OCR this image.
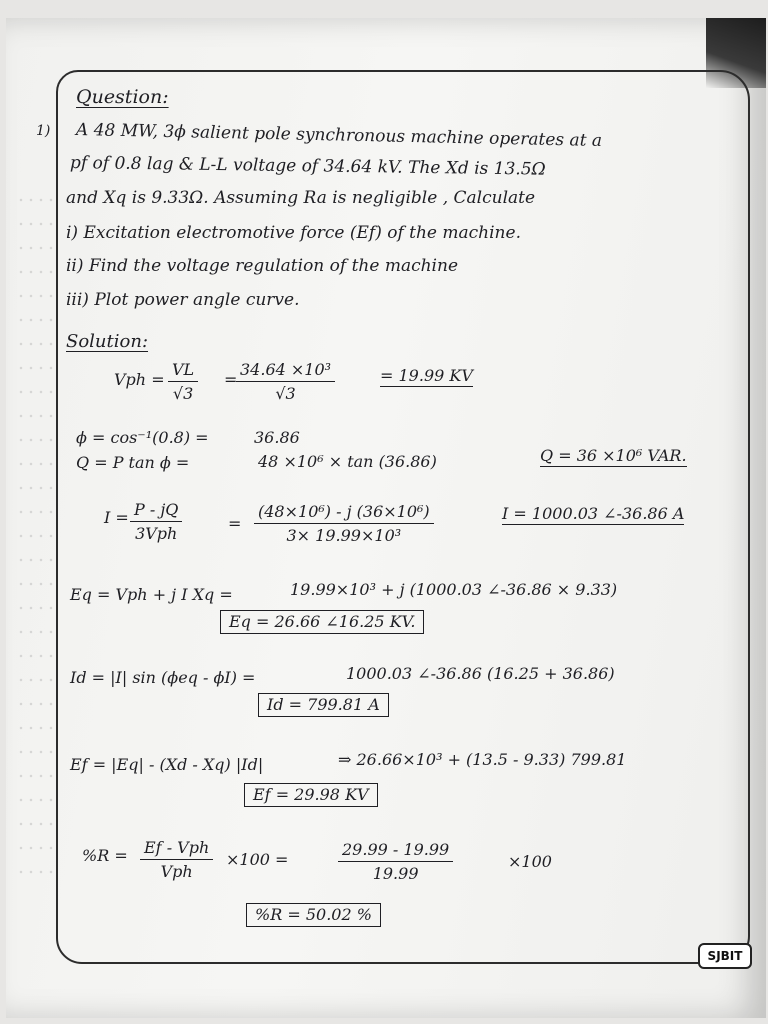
Question:
1) A 48 MW, 3ϕ salient pole synchronous machine operates at a
pf of 0.8 lag & L-L voltage of 34.64 kV. The Xd is 13.5Ω
and Xq is 9.33Ω. Assuming Ra is negligible , Calculate
i) Excitation electromotive force (Ef) of the machine.
ii) Find the voltage regulation of the machine
iii) Plot power angle curve.
Solution:
Vph = $\frac{VL}{√3}$ =
$\frac{\text{34.64 ×10³}}{√3}$	= 19.99 KV
ϕ = cos⁻¹(0.8) =	36.86
Q = P tan ϕ =	48 ×10⁶ × tan (36.86)	Q = 36 ×10⁶ VAR.
I = P - jQ
3Vph
= $\frac{\text{(48×10⁶) - j (36×10⁶)}}{\text{3× 19.99×10³}}$	I = 1000.03 ∠-36.86 A
Eq = Vph + j I Xq =	19.99×10³ + j (1000.03 ∠-36.86 × 9.33)
Eq = 26.66 ∠16.25 KV.
Id = |I| sin (ϕeq - ϕI) =	1000.03 ∠-36.86 (16.25 + 36.86)
Id = 799.81 A
Ef = |Eq| - (Xd - Xq) |Id|	⇒ 26.66×10³ + (13.5 - 9.33) 799.81
Ef = 29.98 KV
%R = Ef - Vph
Vph
×100 =	$\frac{29.99 - 19.99}{19.99}$	×100
%R = 50.02 %
SJBIT
